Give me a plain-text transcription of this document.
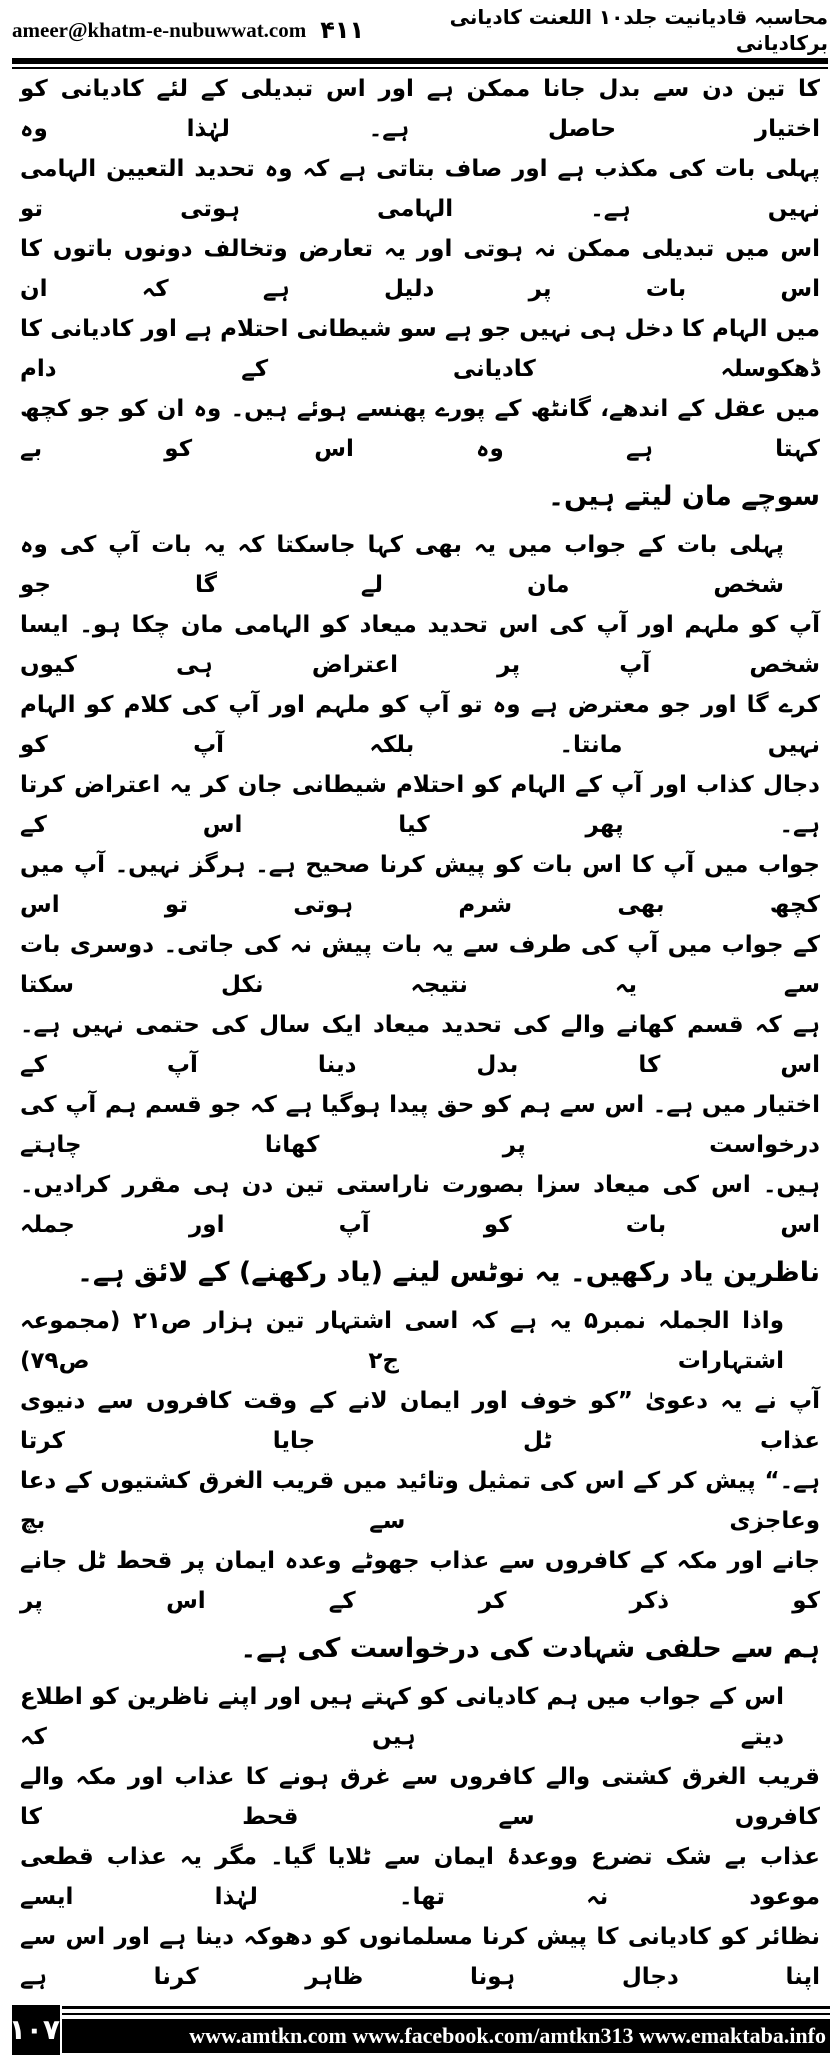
ameer@khatm-e-nubuwwat.com ۴۱۱	محاسبہ قادیانیت جلد۱۰ اللعنت کادیانی برکادیانی
کا تین دن سے بدل جانا ممکن ہے اور اس تبدیلی کے لئے کادیانی کو اختیار حاصل ہے۔ لہٰذا وہ
پہلی بات کی مکذب ہے اور صاف بتاتی ہے کہ وہ تحدید التعیین الہامی نہیں ہے۔ الہامی ہوتی تو
اس میں تبدیلی ممکن نہ ہوتی اور یہ تعارض وتخالف دونوں باتوں کا اس بات پر دلیل ہے کہ ان
میں الہام کا دخل ہی نہیں جو ہے سو شیطانی احتلام ہے اور کادیانی کا ڈھکوسلہ کادیانی کے دام
میں عقل کے اندھے، گانٹھ کے پورے پھنسے ہوئے ہیں۔ وہ ان کو جو کچھ کہتا ہے وہ اس کو بے
سوچے مان لیتے ہیں۔
پہلی بات کے جواب میں یہ بھی کہا جاسکتا کہ یہ بات آپ کی وہ شخص مان لے گا جو
آپ کو ملہم اور آپ کی اس تحدید میعاد کو الہامی مان چکا ہو۔ ایسا شخص آپ پر اعتراض ہی کیوں
کرے گا اور جو معترض ہے وہ تو آپ کو ملہم اور آپ کی کلام کو الہام نہیں مانتا۔ بلکہ آپ کو
دجال کذاب اور آپ کے الہام کو احتلام شیطانی جان کر یہ اعتراض کرتا ہے۔ پھر کیا اس کے
جواب میں آپ کا اس بات کو پیش کرنا صحیح ہے۔ ہرگز نہیں۔ آپ میں کچھ بھی شرم ہوتی تو اس
کے جواب میں آپ کی طرف سے یہ بات پیش نہ کی جاتی۔ دوسری بات سے یہ نتیجہ نکل سکتا
ہے کہ قسم کھانے والے کی تحدید میعاد ایک سال کی حتمی نہیں ہے۔ اس کا بدل دینا آپ کے
اختیار میں ہے۔ اس سے ہم کو حق پیدا ہوگیا ہے کہ جو قسم ہم آپ کی درخواست پر کھانا چاہتے
ہیں۔ اس کی میعاد سزا بصورت ناراستی تین دن ہی مقرر کرادیں۔ اس بات کو آپ اور جملہ
ناظرین یاد رکھیں۔ یہ نوٹس لینے (یاد رکھنے) کے لائق ہے۔
واذا الجملہ نمبر۵ یہ ہے کہ اسی اشتہار تین ہزار ص۲۱ (مجموعہ اشتہارات ج۲ ص۷۹)
آپ نے یہ دعویٰ ”کو خوف اور ایمان لانے کے وقت کافروں سے دنیوی عذاب ٹل جایا کرتا
ہے۔“ پیش کر کے اس کی تمثیل وتائید میں قریب الغرق کشتیوں کے دعا وعاجزی سے بچ
جانے اور مکہ کے کافروں سے عذاب جھوٹے وعدہ ایمان پر قحط ٹل جانے کو ذکر کر کے اس پر
ہم سے حلفی شہادت کی درخواست کی ہے۔
اس کے جواب میں ہم کادیانی کو کہتے ہیں اور اپنے ناظرین کو اطلاع دیتے ہیں کہ
قریب الغرق کشتی والے کافروں سے غرق ہونے کا عذاب اور مکہ والے کافروں سے قحط کا
عذاب بے شک تضرع ووعدۂ ایمان سے ٹلایا گیا۔ مگر یہ عذاب قطعی موعود نہ تھا۔ لہٰذا ایسے
نظائر کو کادیانی کا پیش کرنا مسلمانوں کو دھوکہ دینا ہے اور اس سے اپنا دجال ہونا ظاہر کرنا ہے
۱۰۷	www.amtkn.com www.facebook.com/amtkn313 www.emaktaba.info
